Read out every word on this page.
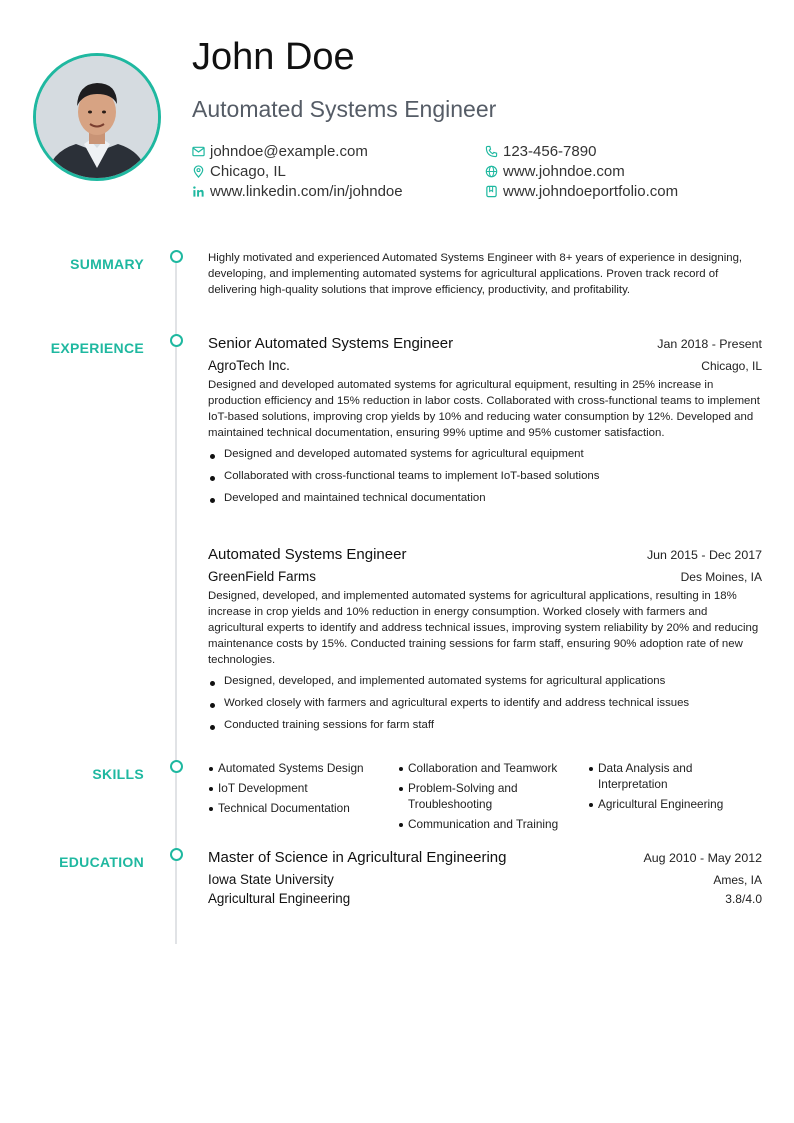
John Doe
Automated Systems Engineer
johndoe@example.com	123-456-7890
Chicago, IL	www.johndoe.com
www.linkedin.com/in/johndoe	www.johndoeportfolio.com
SUMMARY	Highly motivated and experienced Automated Systems Engineer with 8+ years of experience in designing, developing, and implementing automated systems for agricultural applications. Proven track record of delivering high-quality solutions that improve efficiency, productivity, and profitability.

EXPERIENCE	Senior Automated Systems Engineer	Jan 2018 - Present
AgroTech Inc.	Chicago, IL

Designed and developed automated systems for agricultural equipment, resulting in 25% increase in production efficiency and 15% reduction in labor costs. Collaborated with cross-functional teams to implement IoT-based solutions, improving crop yields by 10% and reducing water consumption by 12%. Developed and maintained technical documentation, ensuring 99% uptime and 95% customer satisfaction.

Designed and developed automated systems for agricultural equipment
Collaborated with cross-functional teams to implement IoT-based solutions
Developed and maintained technical documentation
Automated Systems Engineer	Jun 2015 - Dec 2017
GreenField Farms	Des Moines, IA

Designed, developed, and implemented automated systems for agricultural applications, resulting in 18% increase in crop yields and 10% reduction in energy consumption. Worked closely with farmers and agricultural experts to identify and address technical issues, improving system reliability by 20% and reducing maintenance costs by 15%. Conducted training sessions for farm staff, ensuring 90% adoption rate of new technologies.

Designed, developed, and implemented automated systems for agricultural applications
Worked closely with farmers and agricultural experts to identify and address technical issues
Conducted training sessions for farm staff
SKILLS	Automated Systems Design
IoT Development
Technical Documentation
Collaboration and Teamwork
Problem-Solving and Troubleshooting
Communication and Training
Data Analysis and Interpretation
Agricultural Engineering
EDUCATION	Master of Science in Agricultural Engineering	Aug 2010 - May 2012
Iowa State University	Ames, IA
Agricultural Engineering	3.8/4.0
